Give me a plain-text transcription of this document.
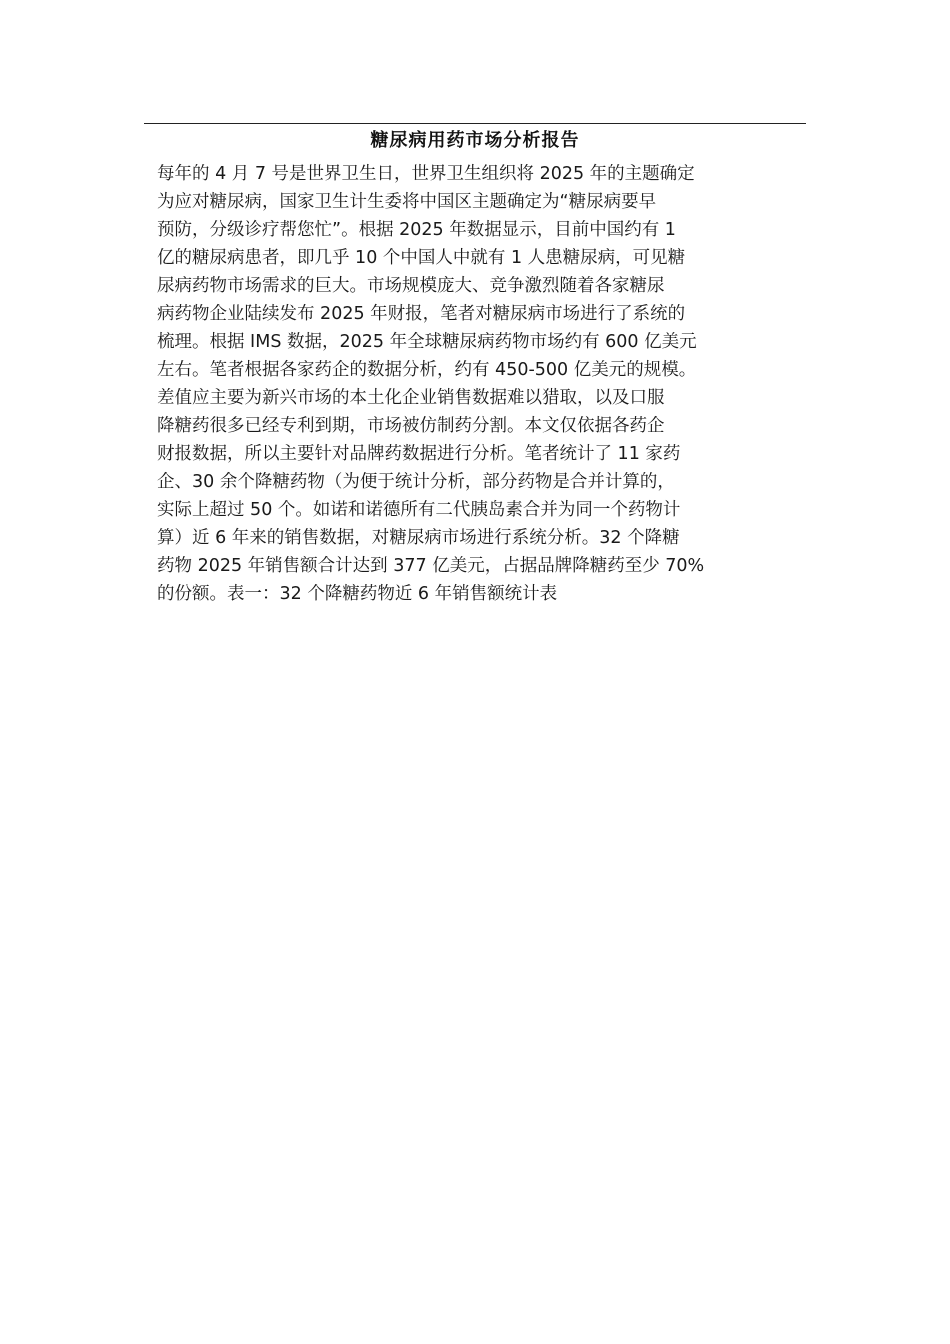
糖尿病用药市场分析报告
每年的 4 月 7 号是世界卫生日，世界卫生组织将 2025 年的主题确定
为应对糖尿病，国家卫生计生委将中国区主题确定为“糖尿病要早
预防，分级诊疗帮您忙”。根据 2025 年数据显示，目前中国约有 1
亿的糖尿病患者，即几乎 10 个中国人中就有 1 人患糖尿病，可见糖
尿病药物市场需求的巨大。市场规模庞大、竞争激烈随着各家糖尿
病药物企业陆续发布 2025 年财报，笔者对糖尿病市场进行了系统的
梳理。根据 IMS 数据，2025 年全球糖尿病药物市场约有 600 亿美元
左右。笔者根据各家药企的数据分析，约有 450-500 亿美元的规模。
差值应主要为新兴市场的本土化企业销售数据难以猎取，以及口服
降糖药很多已经专利到期，市场被仿制药分割。本文仅依据各药企
财报数据，所以主要针对品牌药数据进行分析。笔者统计了 11 家药
企、30 余个降糖药物（为便于统计分析，部分药物是合并计算的，
实际上超过 50 个。如诺和诺德所有二代胰岛素合并为同一个药物计
算）近 6 年来的销售数据，对糖尿病市场进行系统分析。32 个降糖
药物 2025 年销售额合计达到 377 亿美元，占据品牌降糖药至少 70%
的份额。表一：32 个降糖药物近 6 年销售额统计表
